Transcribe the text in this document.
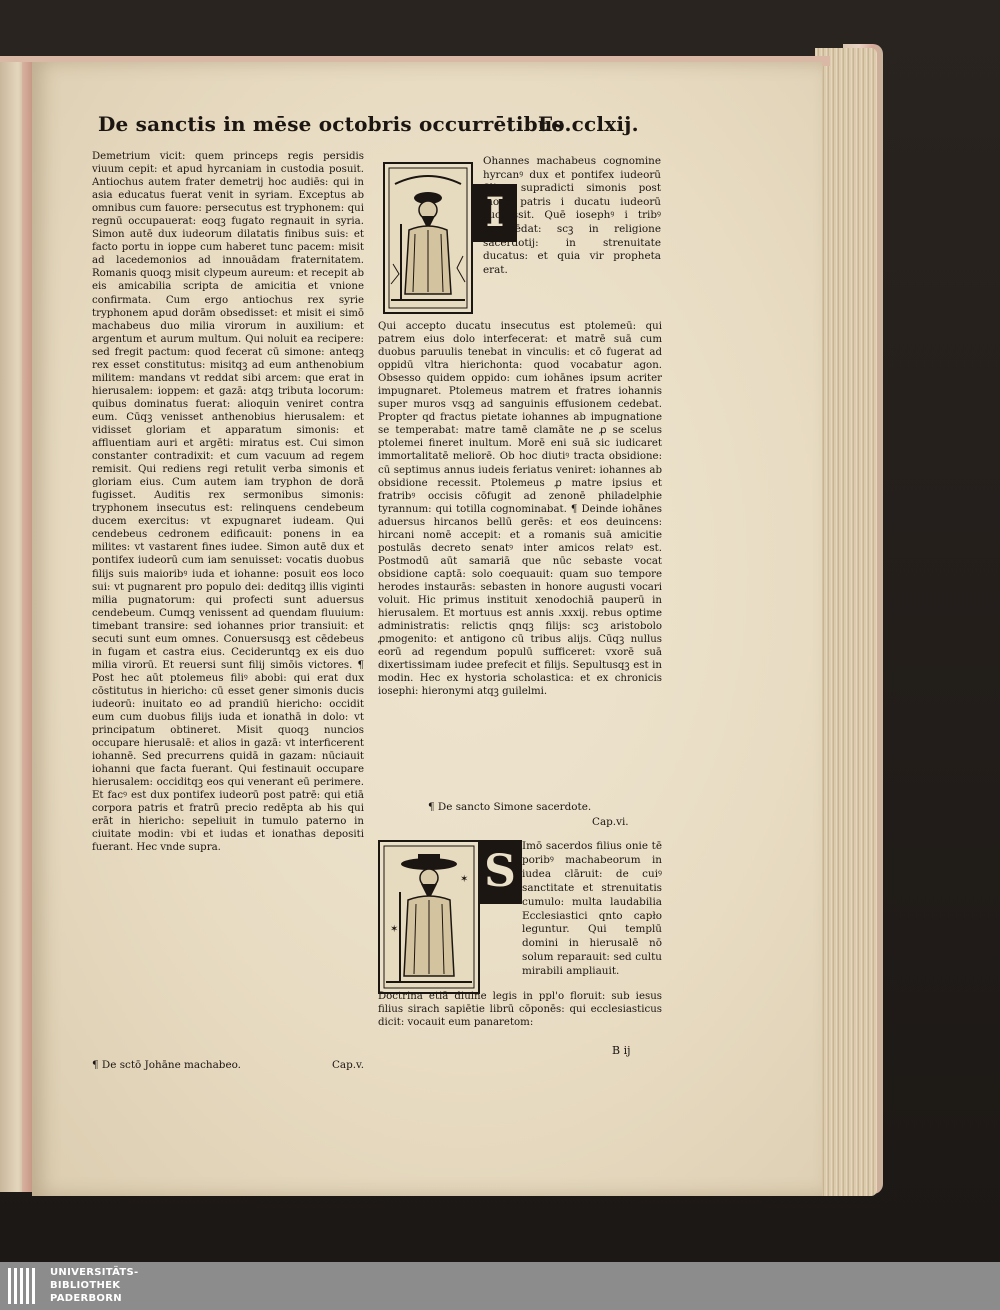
De sanctis in mēse octobris occurrētibus
Fo.cclxij.
Demetrium vicit: quem princeps regis persidis viuum cepit: et apud hyrcaniam in custodia posuit. Antiochus autem frater demetrij hoc audiēs: qui in asia educatus fuerat venit in syriam. Exceptus ab omnibus cum fauore: persecutus est tryphonem: qui regnū occupauerat: eoqꝫ fugato regnauit in syria. Simon autē dux iudeorum dilatatis finibus suis: et facto portu in ioppe cum haberet tunc pacem: misit ad lacedemonios ad innouādam fraternitatem. Romanis quoqꝫ misit clypeum aureum: et recepit ab eis amicabilia scripta de amicitia et vnione confirmata. Cum ergo antiochus rex syrie tryphonem apud dorām obsedisset: et misit ei simō machabeus duo milia virorum in auxilium: et argentum et aurum multum. Qui noluit ea recipere: sed fregit pactum: quod fecerat cū simone: anteqꝫ rex esset constitutus: misitqꝫ ad eum anthenobium militem: mandans vt reddat sibi arcem: que erat in hierusalem: ioppem: et gazā: atqꝫ tributa locorum: quibus dominatus fuerat: alioquin veniret contra eum. Cūqꝫ venisset anthenobius hierusalem: et vidisset gloriam et apparatum simonis: et affluentiam auri et argēti: miratus est. Cui simon constanter contradixit: et cum vacuum ad regem remisit. Qui rediens regi retulit verba simonis et gloriam eius. Cum autem iam tryphon de dorā fugisset. Auditis rex sermonibus simonis: tryphonem insecutus est: relinquens cendebeum ducem exercitus: vt expugnaret iudeam. Qui cendebeus cedronem edificauit: ponens in ea milites: vt vastarent fines iudee. Simon autē dux et pontifex iudeorū cum iam senuisset: vocatis duobus filijs suis maioribꝰ iuda et iohanne: posuit eos loco sui: vt pugnarent pro populo dei: deditqꝫ illis viginti milia pugnatorum: qui profecti sunt aduersus cendebeum. Cumqꝫ venissent ad quendam fluuium: timebant transire: sed iohannes prior transiuit: et secuti sunt eum omnes. Conuersusqꝫ est cēdebeus in fugam et castra eius. Cecideruntqꝫ ex eis duo milia virorū. Et reuersi sunt filij simōis victores. ¶ Post hec aūt ptolemeus filiꝰ abobi: qui erat dux cōstitutus in hiericho: cū esset gener simonis ducis iudeorū: inuitato eo ad prandiū hiericho: occidit eum cum duobus filijs iuda et ionathā in dolo: vt principatum obtineret. Misit quoqꝫ nuncios occupare hierusalē: et alios in gazā: vt interficerent iohannē. Sed precurrens quidā in gazam: nūciauit iohanni que facta fuerant. Qui festinauit occupare hierusalem: occiditqꝫ eos qui venerant eū perimere. Et facꝰ est dux pontifex iudeorū post patrē: qui etiā corpora patris et fratrū precio redēpta ab his qui erāt in hiericho: sepeliuit in tumulo paterno in ciuitate modin: vbi et iudas et ionathas depositi fuerant. Hec vnde supra.
¶ De sctō Johāne machabeo.	Cap.v.
I
Ohannes machabeus cognomine hyrcanꝰ dux et pontifex iudeorū filius supradicti simonis post morē patris i ducatu iudeorū successit. Quē iosephꝰ i tribꝰ commēdat: scꝫ in religione sacerdotij: in strenuitate ducatus: et quia vir propheta erat.
Qui accepto ducatu insecutus est ptolemeū: qui patrem eius dolo interfecerat: et matrē suā cum duobus paruulis tenebat in vinculis: et cō fugerat ad oppidū vltra hierichonta: quod vocabatur agon. Obsesso quidem oppido: cum iohānes ipsum acriter impugnaret. Ptolemeus matrem et fratres iohannis super muros vsqꝫ ad sanguinis effusionem cedebat. Propter qd fractus pietate iohannes ab impugnatione se temperabat: matre tamē clamāte ne ꝓ se scelus ptolemei fineret inultum. Morē eni suā sic iudicaret immortalitatē meliorē. Ob hoc diutiꝰ tracta obsidione: cū septimus annus iudeis feriatus veniret: iohannes ab obsidione recessit. Ptolemeus ꝓ matre ipsius et fratribꝰ occisis cōfugit ad zenonē philadelphie tyrannum: qui totilla cognominabat. ¶ Deinde iohānes aduersus hircanos bellū gerēs: et eos deuincens: hircani nomē accepit: et a romanis suā amicitie postulās decreto senatꝰ inter amicos relatꝰ est. Postmodū aūt samariā que nūc sebaste vocat obsidione captā: solo coequauit: quam suo tempore herodes instaurās: sebasten in honore augusti vocari voluit. Hic primus instituit xenodochiā pauperū in hierusalem. Et mortuus est annis .xxxij. rebus optime administratis: relictis qnqꝫ filijs: scꝫ aristobolo ꝓmogenito: et antigono cū tribus alijs. Cūqꝫ nullus eorū ad regendum populū sufficeret: vxorē suā dixertissimam iudee prefecit et filijs. Sepultusqꝫ est in modin. Hec ex hystoria scholastica: et ex chronicis iosephi: hieronymi atqꝫ guilelmi.
¶ De sancto Simone sacerdote.
Cap.vi.
✶
✶
S Imō sacerdos filius onie tē poribꝰ machabeorum in iudea clāruit: de cuiꝰ sanctitate et strenuitatis cumulo: multa laudabilia Ecclesiastici qnto capło leguntur. Qui templū domini in hierusalē nō solum reparauit: sed cultu mirabili ampliauit.
Doctrina etiā diuine legis in ppl'o floruit: sub iesus filius sirach sapiētie librū cōponēs: qui ecclesiasticus dicit: vocauit eum panaretom:
B ij
UNIVERSITÄTS-
BIBLIOTHEK
PADERBORN
